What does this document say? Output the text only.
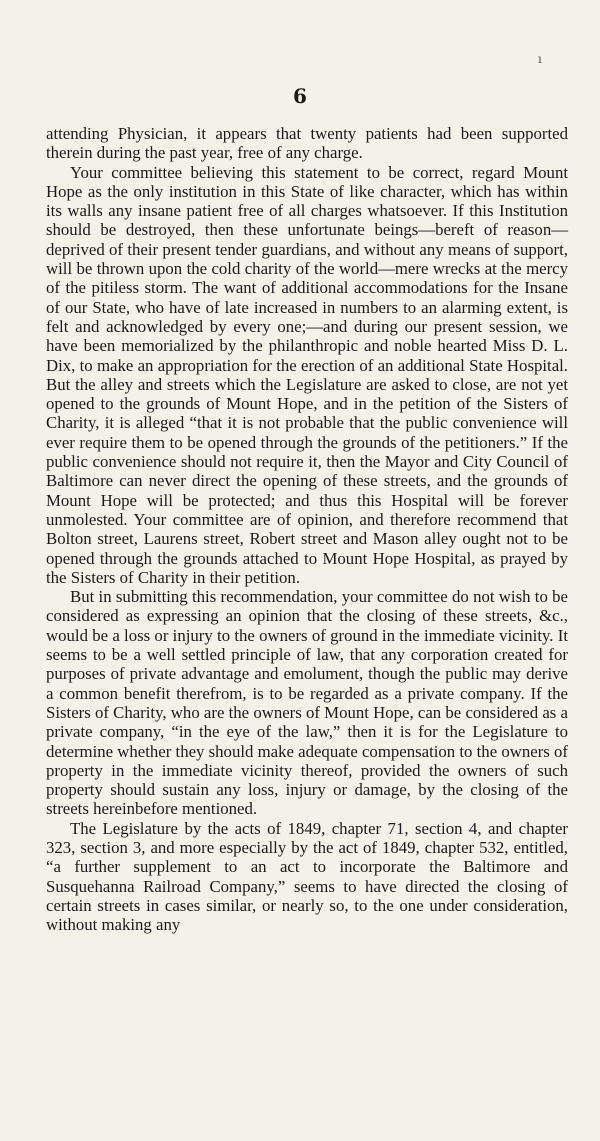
ı
6

attending Physician, it appears that twenty patients had been supported therein during the past year, free of any charge.

Your committee believing this statement to be correct, regard Mount Hope as the only institution in this State of like character, which has within its walls any insane patient free of all charges whatsoever. If this Institution should be destroyed, then these unfortunate beings—bereft of reason—deprived of their present tender guardians, and without any means of support, will be thrown upon the cold charity of the world—mere wrecks at the mercy of the pitiless storm. The want of additional accommodations for the Insane of our State, who have of late increased in numbers to an alarming extent, is felt and acknowledged by every one;—and during our present session, we have been memorialized by the philanthropic and noble hearted Miss D. L. Dix, to make an appropriation for the erection of an additional State Hospital. But the alley and streets which the Legislature are asked to close, are not yet opened to the grounds of Mount Hope, and in the petition of the Sisters of Charity, it is alleged “that it is not probable that the public convenience will ever require them to be opened through the grounds of the petitioners.” If the public convenience should not require it, then the Mayor and City Council of Baltimore can never direct the opening of these streets, and the grounds of Mount Hope will be protected; and thus this Hospital will be forever unmolested. Your committee are of opinion, and therefore recommend that Bolton street, Laurens street, Robert street and Mason alley ought not to be opened through the grounds attached to Mount Hope Hospital, as prayed by the Sisters of Charity in their petition.

But in submitting this recommendation, your committee do not wish to be considered as expressing an opinion that the closing of these streets, &c., would be a loss or injury to the owners of ground in the immediate vicinity. It seems to be a well settled principle of law, that any corporation created for purposes of private advantage and emolument, though the public may derive a common benefit therefrom, is to be regarded as a private company. If the Sisters of Charity, who are the owners of Mount Hope, can be considered as a private company, “in the eye of the law,” then it is for the Legislature to determine whether they should make adequate compensation to the owners of property in the immediate vicinity thereof, provided the owners of such property should sustain any loss, injury or damage, by the closing of the streets hereinbefore mentioned.

The Legislature by the acts of 1849, chapter 71, section 4, and chapter 323, section 3, and more especially by the act of 1849, chapter 532, entitled, “a further supplement to an act to incorporate the Baltimore and Susquehanna Railroad Company,” seems to have directed the closing of certain streets in cases similar, or nearly so, to the one under consideration, without making any
